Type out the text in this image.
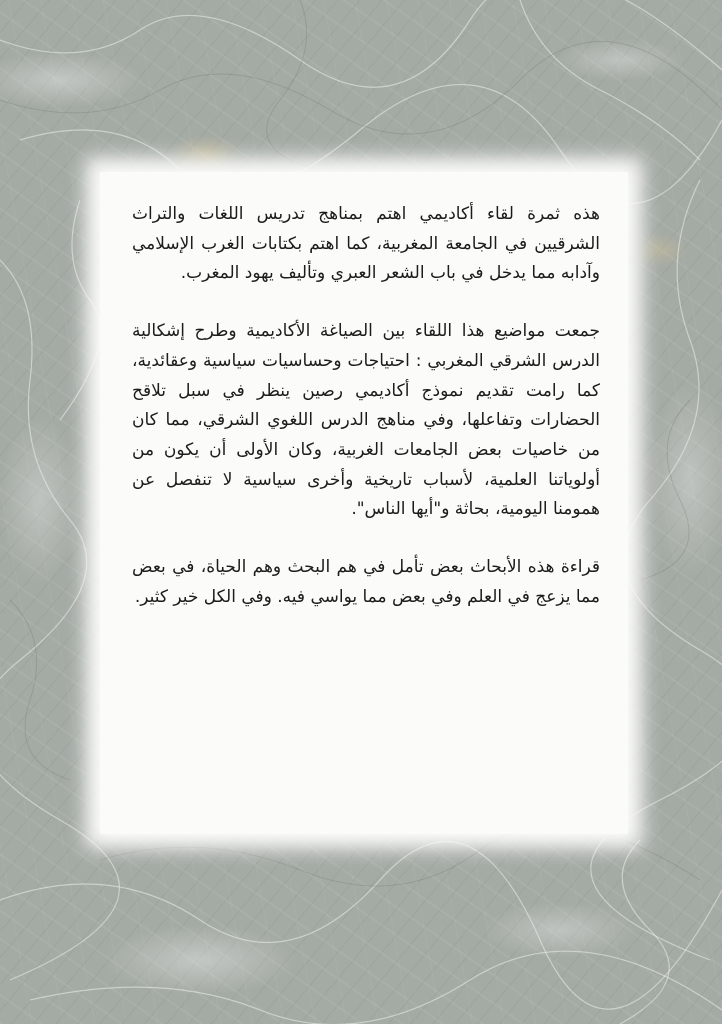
هذه ثمرة لقاء أكاديمي اهتم بمناهج تدريس اللغات والتراث الشرقيين في الجامعة المغربية، كما اهتم بكتابات الغرب الإسلامي وآدابه مما يدخل في باب الشعر العبري وتأليف يهود المغرب.

جمعت مواضيع هذا اللقاء بين الصياغة الأكاديمية وطرح إشكالية الدرس الشرقي المغربي : احتياجات وحساسيات سياسية وعقائدية، كما رامت تقديم نموذج أكاديمي رصين ينظر في سبل تلاقح الحضارات وتفاعلها، وفي مناهج الدرس اللغوي الشرقي، مما كان من خاصيات بعض الجامعات الغربية، وكان الأولى أن يكون من أولوياتنا العلمية، لأسباب تاريخية وأخرى سياسية لا تنفصل عن همومنا اليومية، بحاثة و"أيها الناس".

قراءة هذه الأبحاث بعض تأمل في هم البحث وهم الحياة، في بعض مما يزعج في العلم وفي بعض مما يواسي فيه. وفي الكل خير كثير.
